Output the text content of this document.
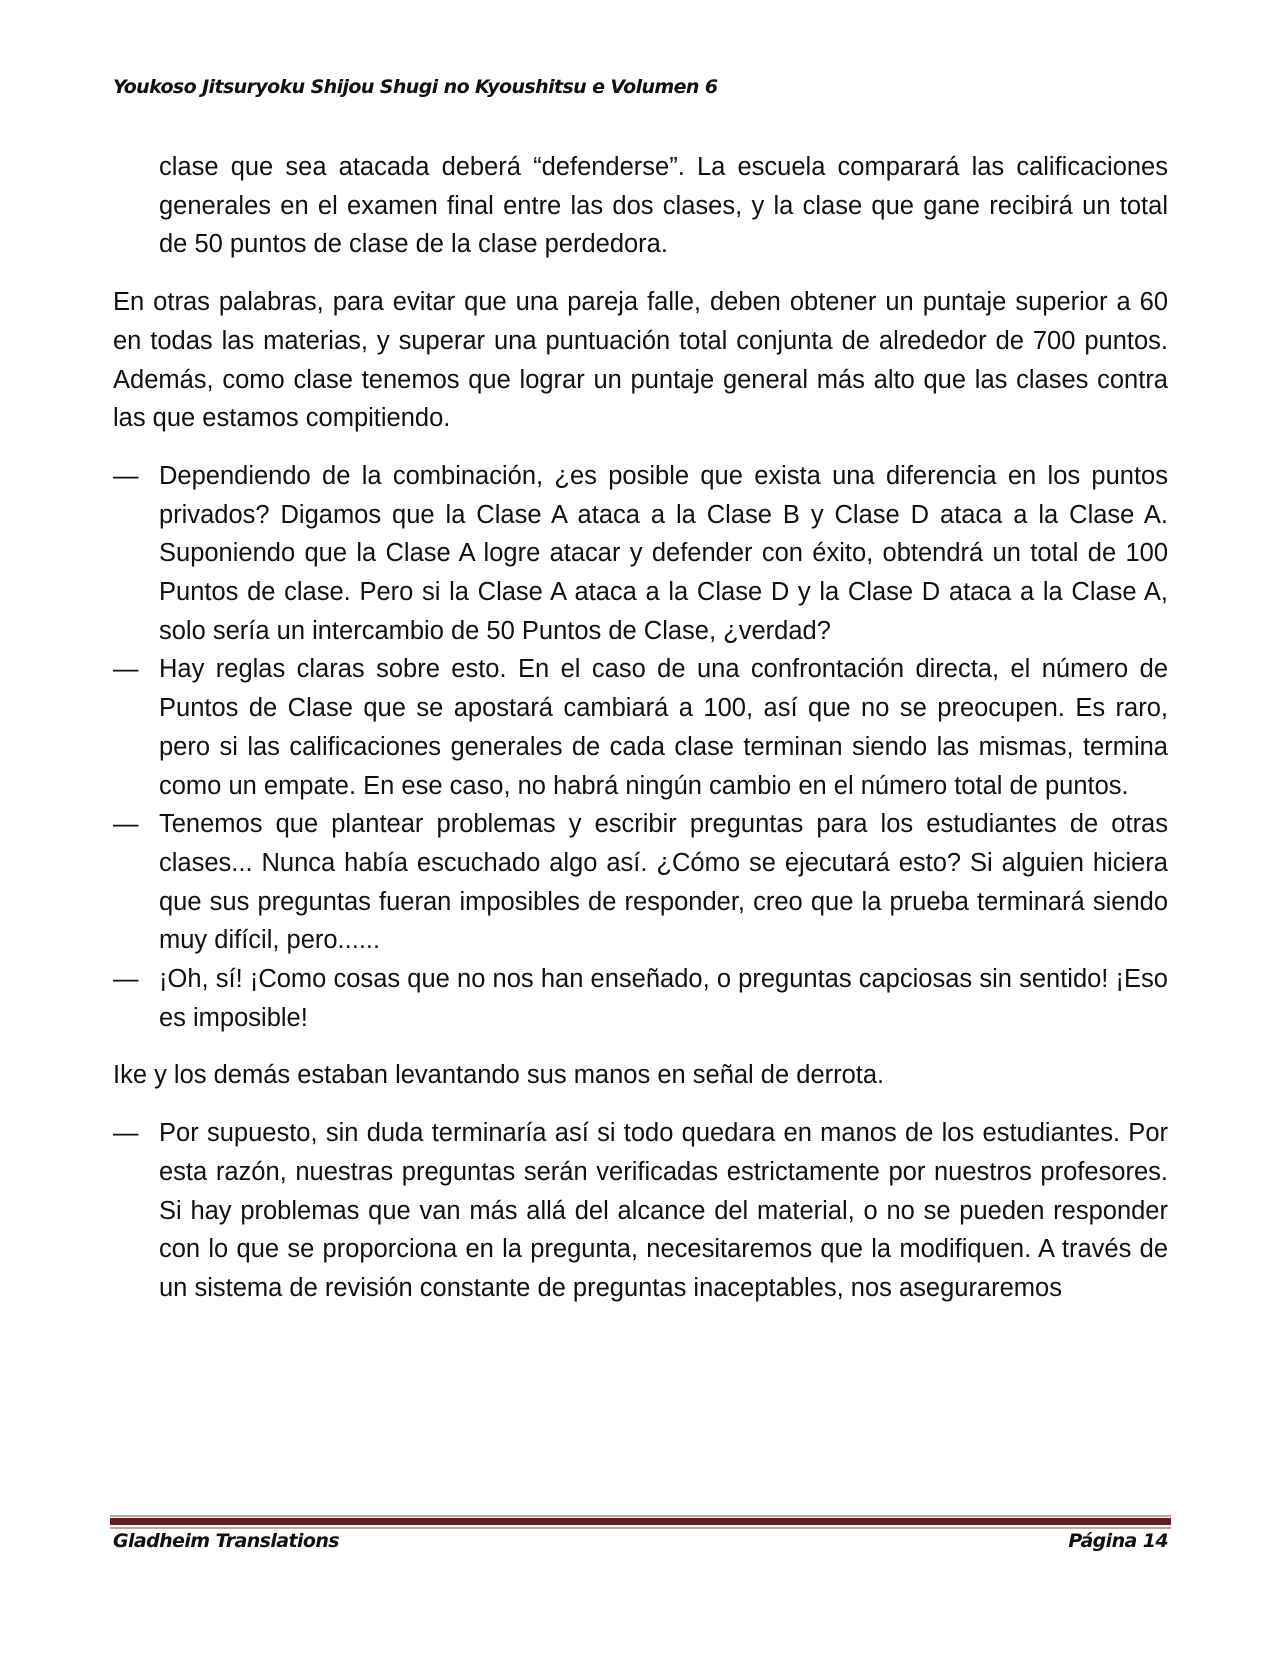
Youkoso Jitsuryoku Shijou Shugi no Kyoushitsu e Volumen 6

clase que sea atacada deberá “defenderse”. La escuela comparará las calificaciones generales en el examen final entre las dos clases, y la clase que gane recibirá un total de 50 puntos de clase de la clase perdedora.

En otras palabras, para evitar que una pareja falle, deben obtener un puntaje superior a 60 en todas las materias, y superar una puntuación total conjunta de alrededor de 700 puntos. Además, como clase tenemos que lograr un puntaje general más alto que las clases contra las que estamos compitiendo.

— Dependiendo de la combinación, ¿es posible que exista una diferencia en los puntos privados? Digamos que la Clase A ataca a la Clase B y Clase D ataca a la Clase A. Suponiendo que la Clase A logre atacar y defender con éxito, obtendrá un total de 100 Puntos de clase. Pero si la Clase A ataca a la Clase D y la Clase D ataca a la Clase A, solo sería un intercambio de 50 Puntos de Clase, ¿verdad?

— Hay reglas claras sobre esto. En el caso de una confrontación directa, el número de Puntos de Clase que se apostará cambiará a 100, así que no se preocupen. Es raro, pero si las calificaciones generales de cada clase terminan siendo las mismas, termina como un empate. En ese caso, no habrá ningún cambio en el número total de puntos.

— Tenemos que plantear problemas y escribir preguntas para los estudiantes de otras clases... Nunca había escuchado algo así. ¿Cómo se ejecutará esto? Si alguien hiciera que sus preguntas fueran imposibles de responder, creo que la prueba terminará siendo muy difícil, pero......

— ¡Oh, sí! ¡Como cosas que no nos han enseñado, o preguntas capciosas sin sentido! ¡Eso es imposible!

Ike y los demás estaban levantando sus manos en señal de derrota.

— Por supuesto, sin duda terminaría así si todo quedara en manos de los estudiantes. Por esta razón, nuestras preguntas serán verificadas estrictamente por nuestros profesores. Si hay problemas que van más allá del alcance del material, o no se pueden responder con lo que se proporciona en la pregunta, necesitaremos que la modifiquen. A través de un sistema de revisión constante de preguntas inaceptables, nos aseguraremos

Gladheim Translations	Página 14
